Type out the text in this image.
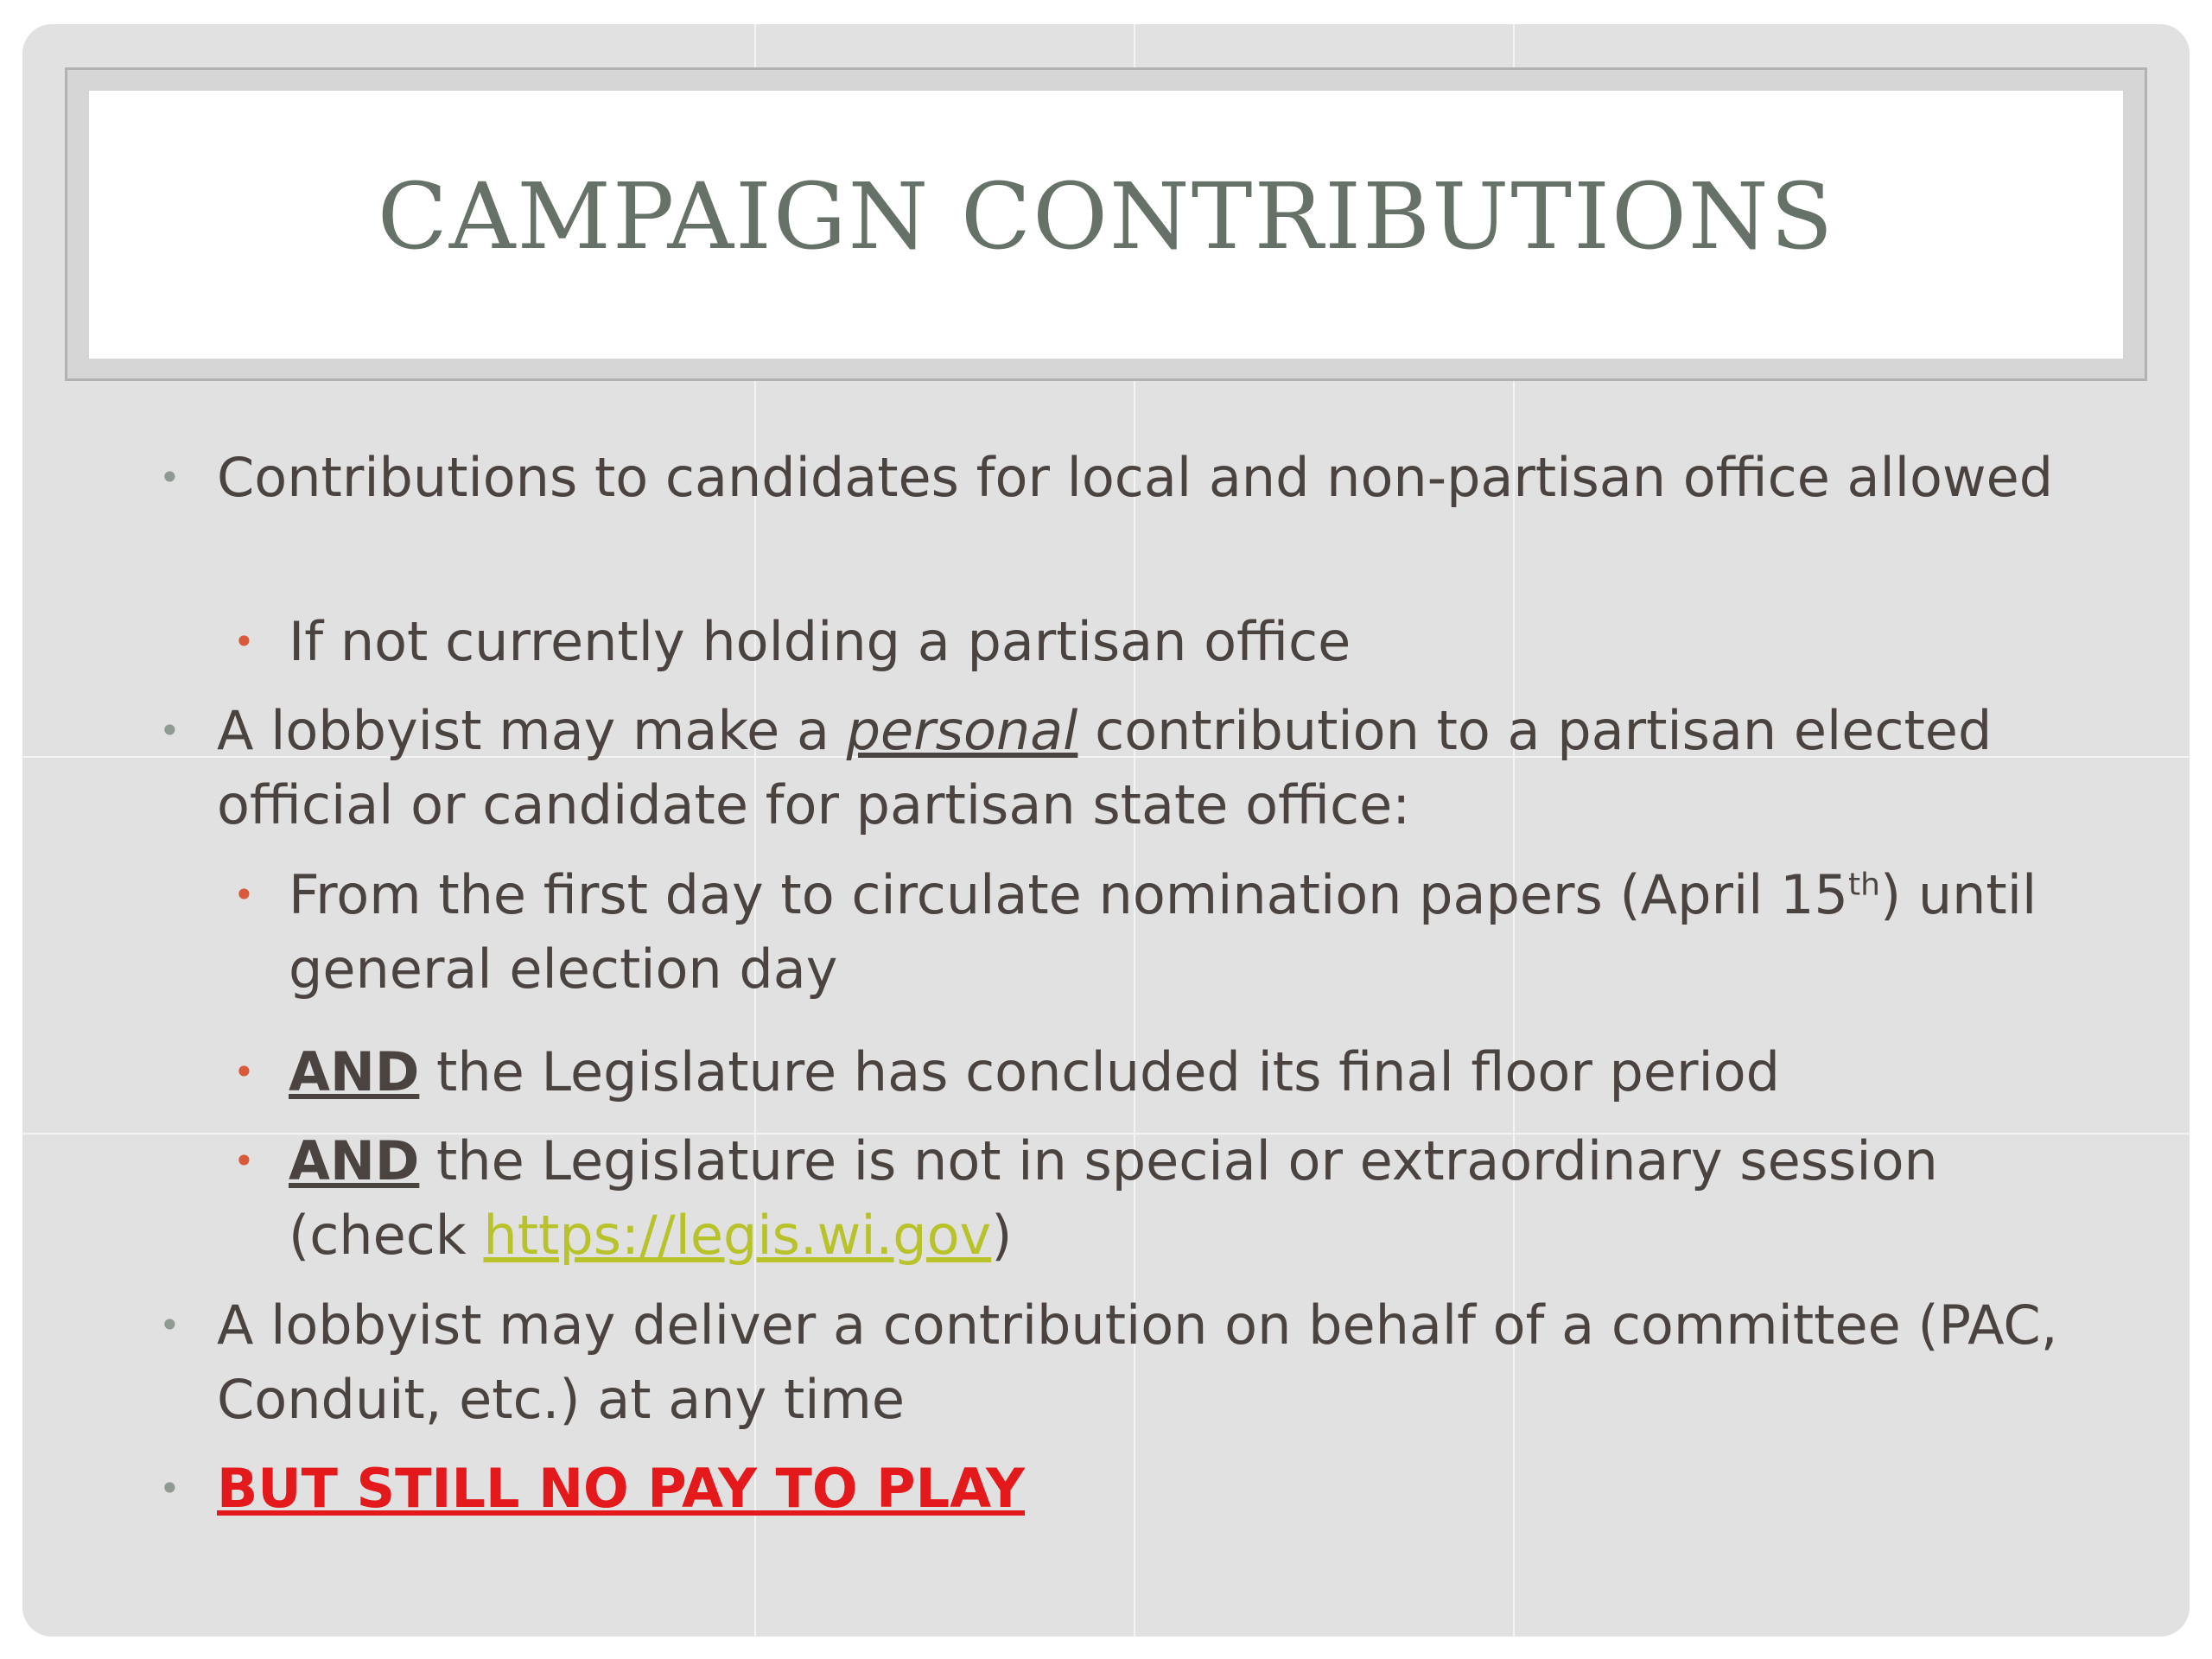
CAMPAIGN CONTRIBUTIONS
• Contributions to candidates for local and non-partisan office allowed
• If not currently holding a partisan office
• A lobbyist may make a personal contribution to a partisan elected official or candidate for partisan state office:
• From the first day to circulate nomination papers (April 15th) until general election day
• AND the Legislature has concluded its final floor period
• AND the Legislature is not in special or extraordinary session (check https://legis.wi.gov)
• A lobbyist may deliver a contribution on behalf of a committee (PAC, Conduit, etc.) at any time
• BUT STILL NO PAY TO PLAY
